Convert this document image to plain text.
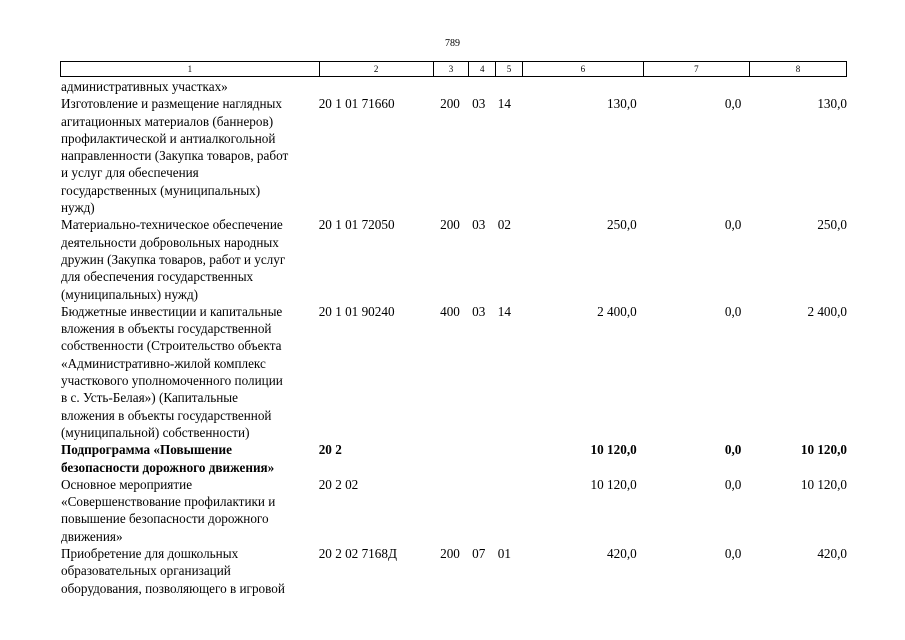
789
1	2	3	4	5	6	7	8
административных участках»
Изготовление и размещение наглядных
агитационных материалов (баннеров)
профилактической и антиалкогольной
направленности (Закупка товаров, работ
и услуг для обеспечения
государственных (муниципальных)
нужд)
20 1 01 71660	200 03 14	130,0	0,0	130,0
Материально-техническое обеспечение
деятельности добровольных народных
дружин (Закупка товаров, работ и услуг
для обеспечения государственных
(муниципальных) нужд)
20 1 01 72050	200 03 02	250,0	0,0	250,0
Бюджетные инвестиции и капитальные
вложения в объекты государственной
собственности (Строительство объекта
«Административно-жилой комплекс
участкового уполномоченного полиции
в с. Усть-Белая») (Капитальные
вложения в объекты государственной
(муниципальной) собственности)
20 1 01 90240	400 03 14	2 400,0	0,0	2 400,0
Подпрограмма «Повышение
безопасности дорожного движения»
20 2	10 120,0	0,0	10 120,0
Основное мероприятие
«Совершенствование профилактики и
повышение безопасности дорожного
движения»
20 2 02	10 120,0	0,0	10 120,0
Приобретение для дошкольных
образовательных организаций
оборудования, позволяющего в игровой
20 2 02 7168Д	200 07 01	420,0	0,0	420,0
